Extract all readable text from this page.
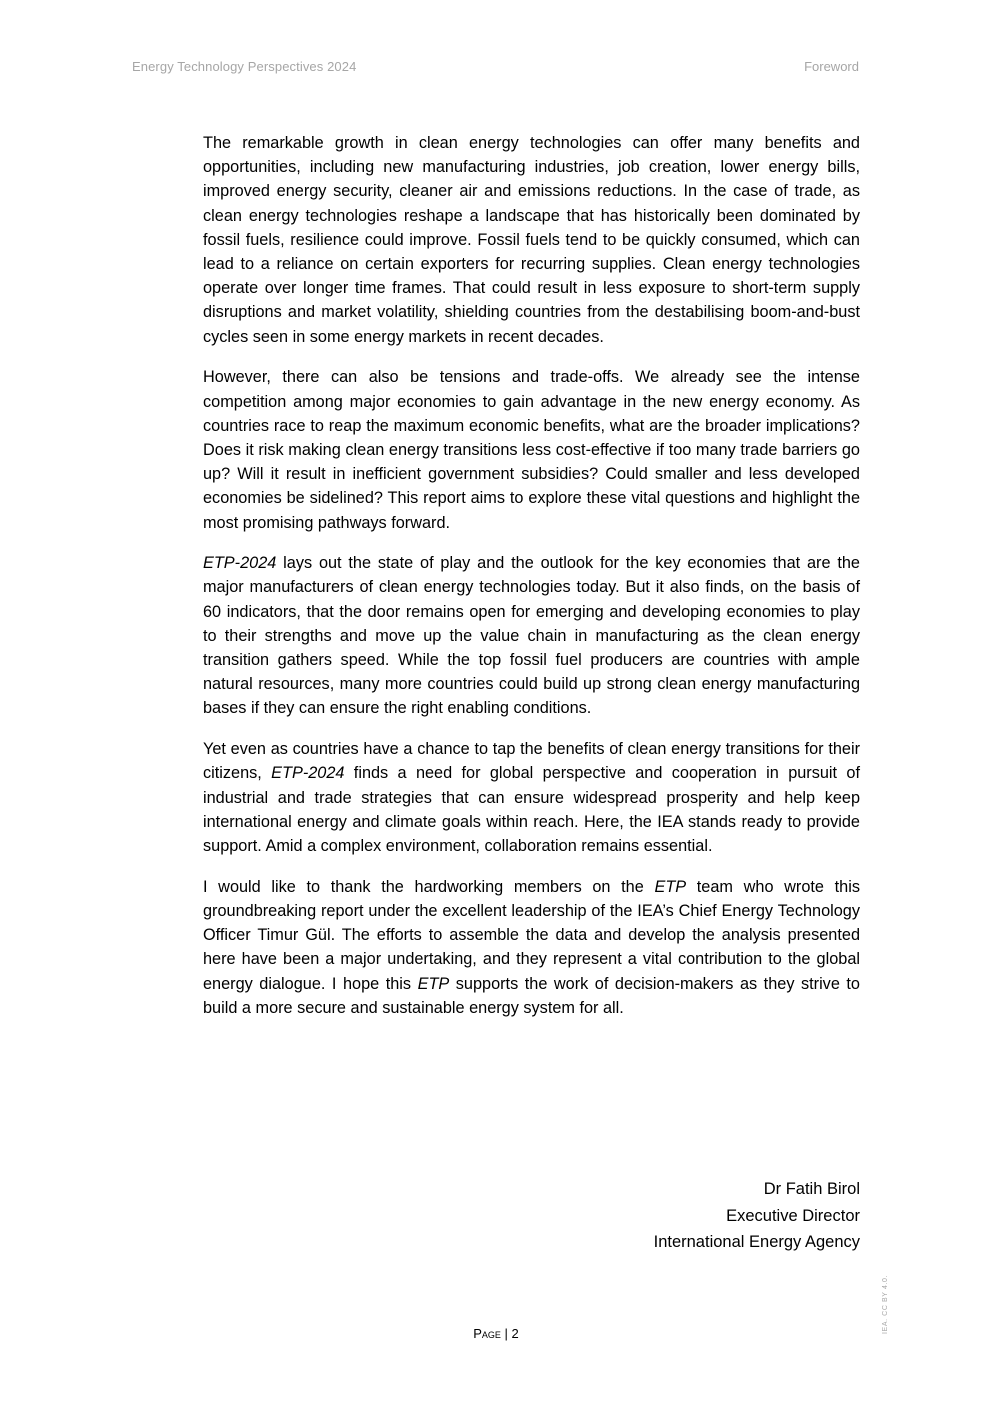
Energy Technology Perspectives 2024	Foreword

The remarkable growth in clean energy technologies can offer many benefits and opportunities, including new manufacturing industries, job creation, lower energy bills, improved energy security, cleaner air and emissions reductions. In the case of trade, as clean energy technologies reshape a landscape that has historically been dominated by fossil fuels, resilience could improve. Fossil fuels tend to be quickly consumed, which can lead to a reliance on certain exporters for recurring supplies. Clean energy technologies operate over longer time frames. That could result in less exposure to short-term supply disruptions and market volatility, shielding countries from the destabilising boom-and-bust cycles seen in some energy markets in recent decades.

However, there can also be tensions and trade-offs. We already see the intense competition among major economies to gain advantage in the new energy economy. As countries race to reap the maximum economic benefits, what are the broader implications? Does it risk making clean energy transitions less cost-effective if too many trade barriers go up? Will it result in inefficient government subsidies? Could smaller and less developed economies be sidelined? This report aims to explore these vital questions and highlight the most promising pathways forward.

ETP-2024 lays out the state of play and the outlook for the key economies that are the major manufacturers of clean energy technologies today. But it also finds, on the basis of 60 indicators, that the door remains open for emerging and developing economies to play to their strengths and move up the value chain in manufacturing as the clean energy transition gathers speed. While the top fossil fuel producers are countries with ample natural resources, many more countries could build up strong clean energy manufacturing bases if they can ensure the right enabling conditions.

Yet even as countries have a chance to tap the benefits of clean energy transitions for their citizens, ETP-2024 finds a need for global perspective and cooperation in pursuit of industrial and trade strategies that can ensure widespread prosperity and help keep international energy and climate goals within reach. Here, the IEA stands ready to provide support. Amid a complex environment, collaboration remains essential.

I would like to thank the hardworking members on the ETP team who wrote this groundbreaking report under the excellent leadership of the IEA’s Chief Energy Technology Officer Timur Gül. The efforts to assemble the data and develop the analysis presented here have been a major undertaking, and they represent a vital contribution to the global energy dialogue. I hope this ETP supports the work of decision-makers as they strive to build a more secure and sustainable energy system for all.

Dr Fatih Birol
Executive Director
International Energy Agency
IEA. CC BY 4.0.
Page | 2
